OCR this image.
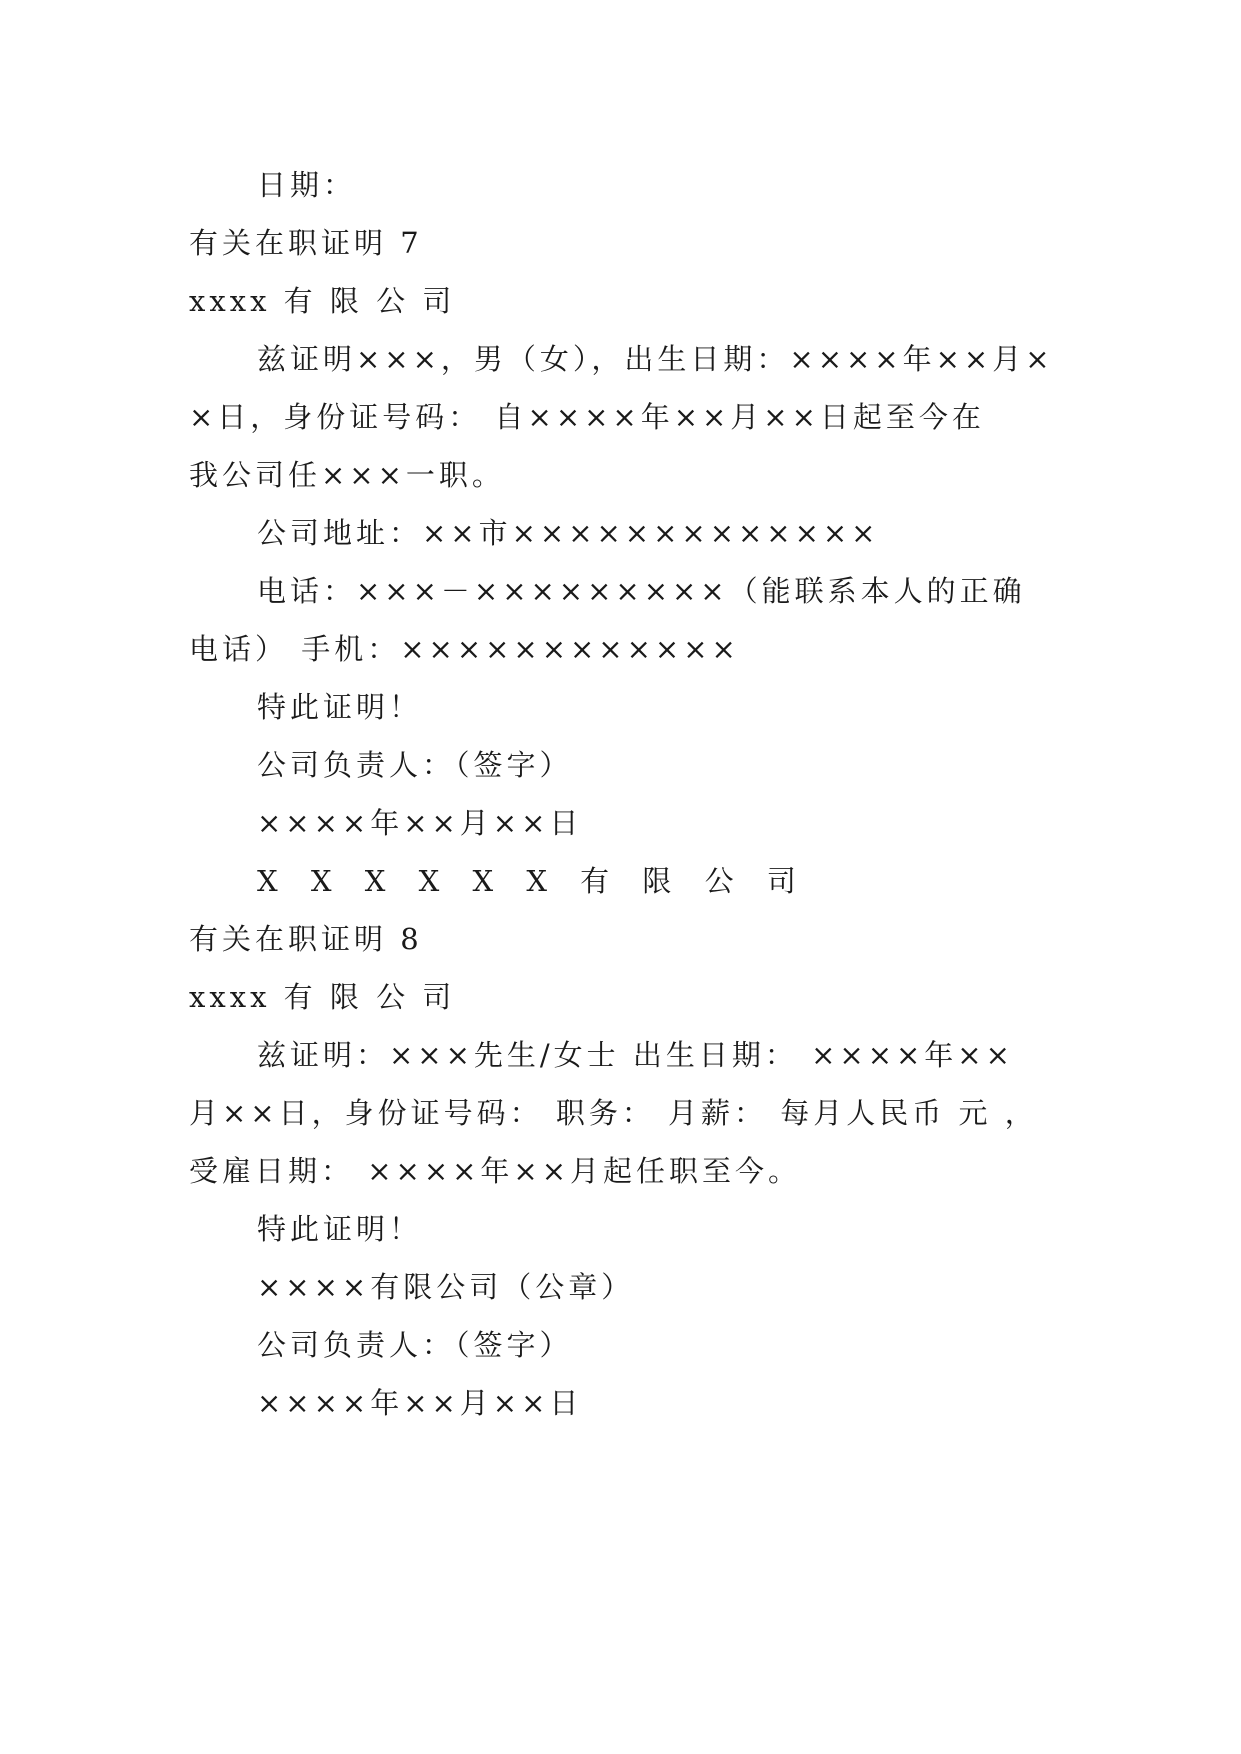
日期：
有关在职证明 7
xxxx 有 限 公 司
兹证明×××，男（女），出生日期：××××年××月×
×日，身份证号码： 自××××年××月××日起至今在
我公司任×××一职。
公司地址：××市×××××××××××××
电话：×××－×××××××××（能联系本人的正确
电话） 手机：××××××××××××
特此证明！
公司负责人：（签字）
××××年××月××日
X X X X X X 有 限 公 司
有关在职证明 8
xxxx 有 限 公 司
兹证明：×××先生/女士 出生日期： ××××年××
月××日，身份证号码： 职务： 月薪： 每月人民币 元 ，
受雇日期： ××××年××月起任职至今。
特此证明！
××××有限公司（公章）
公司负责人：（签字）
××××年××月××日
